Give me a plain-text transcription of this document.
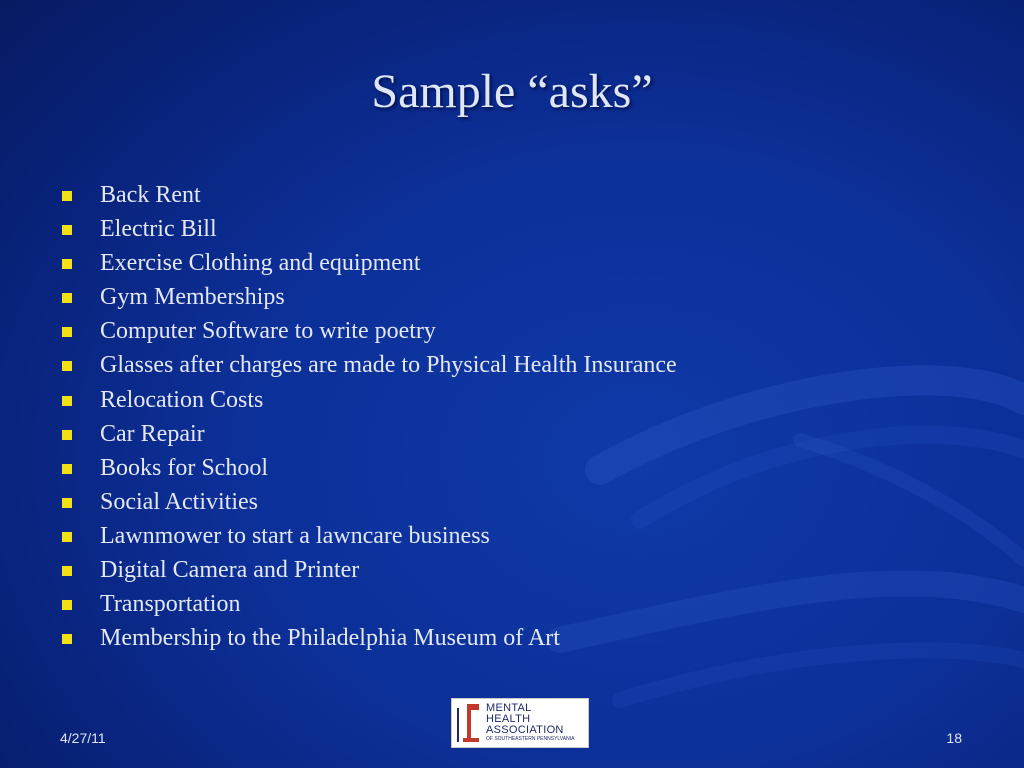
Sample “asks”
Back Rent
Electric Bill
Exercise Clothing and equipment
Gym Memberships
Computer Software to write poetry
Glasses after charges are made to Physical Health Insurance
Relocation Costs
Car Repair
Books for School
Social Activities
Lawnmower to start a lawncare business
Digital Camera and Printer
Transportation
Membership to the Philadelphia Museum of Art
4/27/11
MENTAL
HEALTH
ASSOCIATION
OF SOUTHEASTERN PENNSYLVANIA	18
